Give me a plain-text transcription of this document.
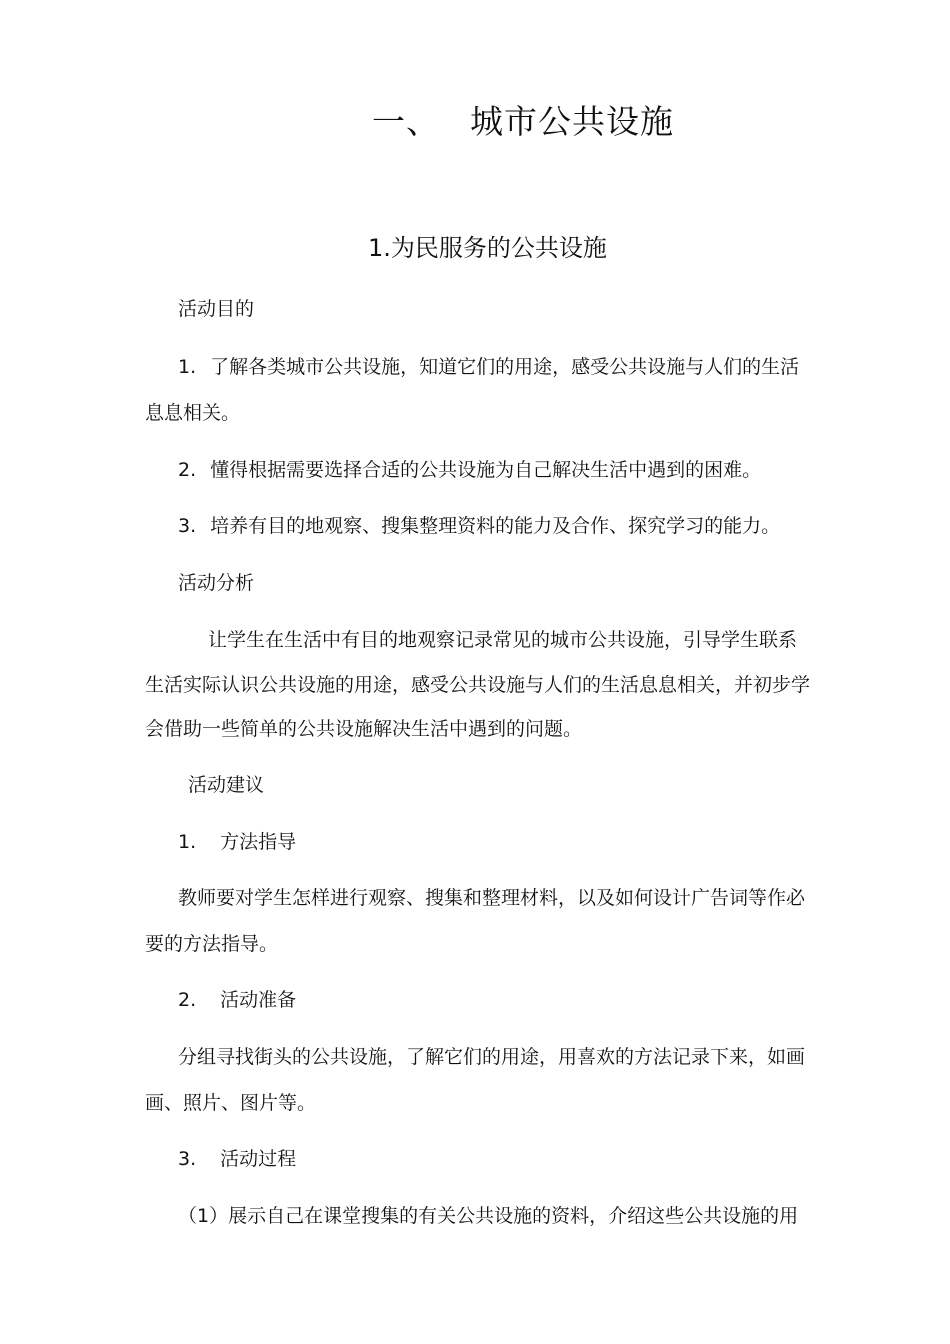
一、 城市公共设施
1.为民服务的公共设施
活动目的
1. 了解各类城市公共设施，知道它们的用途，感受公共设施与人们的生活
息息相关。
2. 懂得根据需要选择合适的公共设施为自己解决生活中遇到的困难。
3. 培养有目的地观察、搜集整理资料的能力及合作、探究学习的能力。
活动分析
让学生在生活中有目的地观察记录常见的城市公共设施，引导学生联系
生活实际认识公共设施的用途，感受公共设施与人们的生活息息相关，并初步学
会借助一些简单的公共设施解决生活中遇到的问题。
活动建议
1. 方法指导
教师要对学生怎样进行观察、搜集和整理材料，以及如何设计广告词等作必
要的方法指导。
2. 活动准备
分组寻找街头的公共设施，了解它们的用途，用喜欢的方法记录下来，如画
画、照片、图片等。
3. 活动过程
（1）展示自己在课堂搜集的有关公共设施的资料，介绍这些公共设施的用
